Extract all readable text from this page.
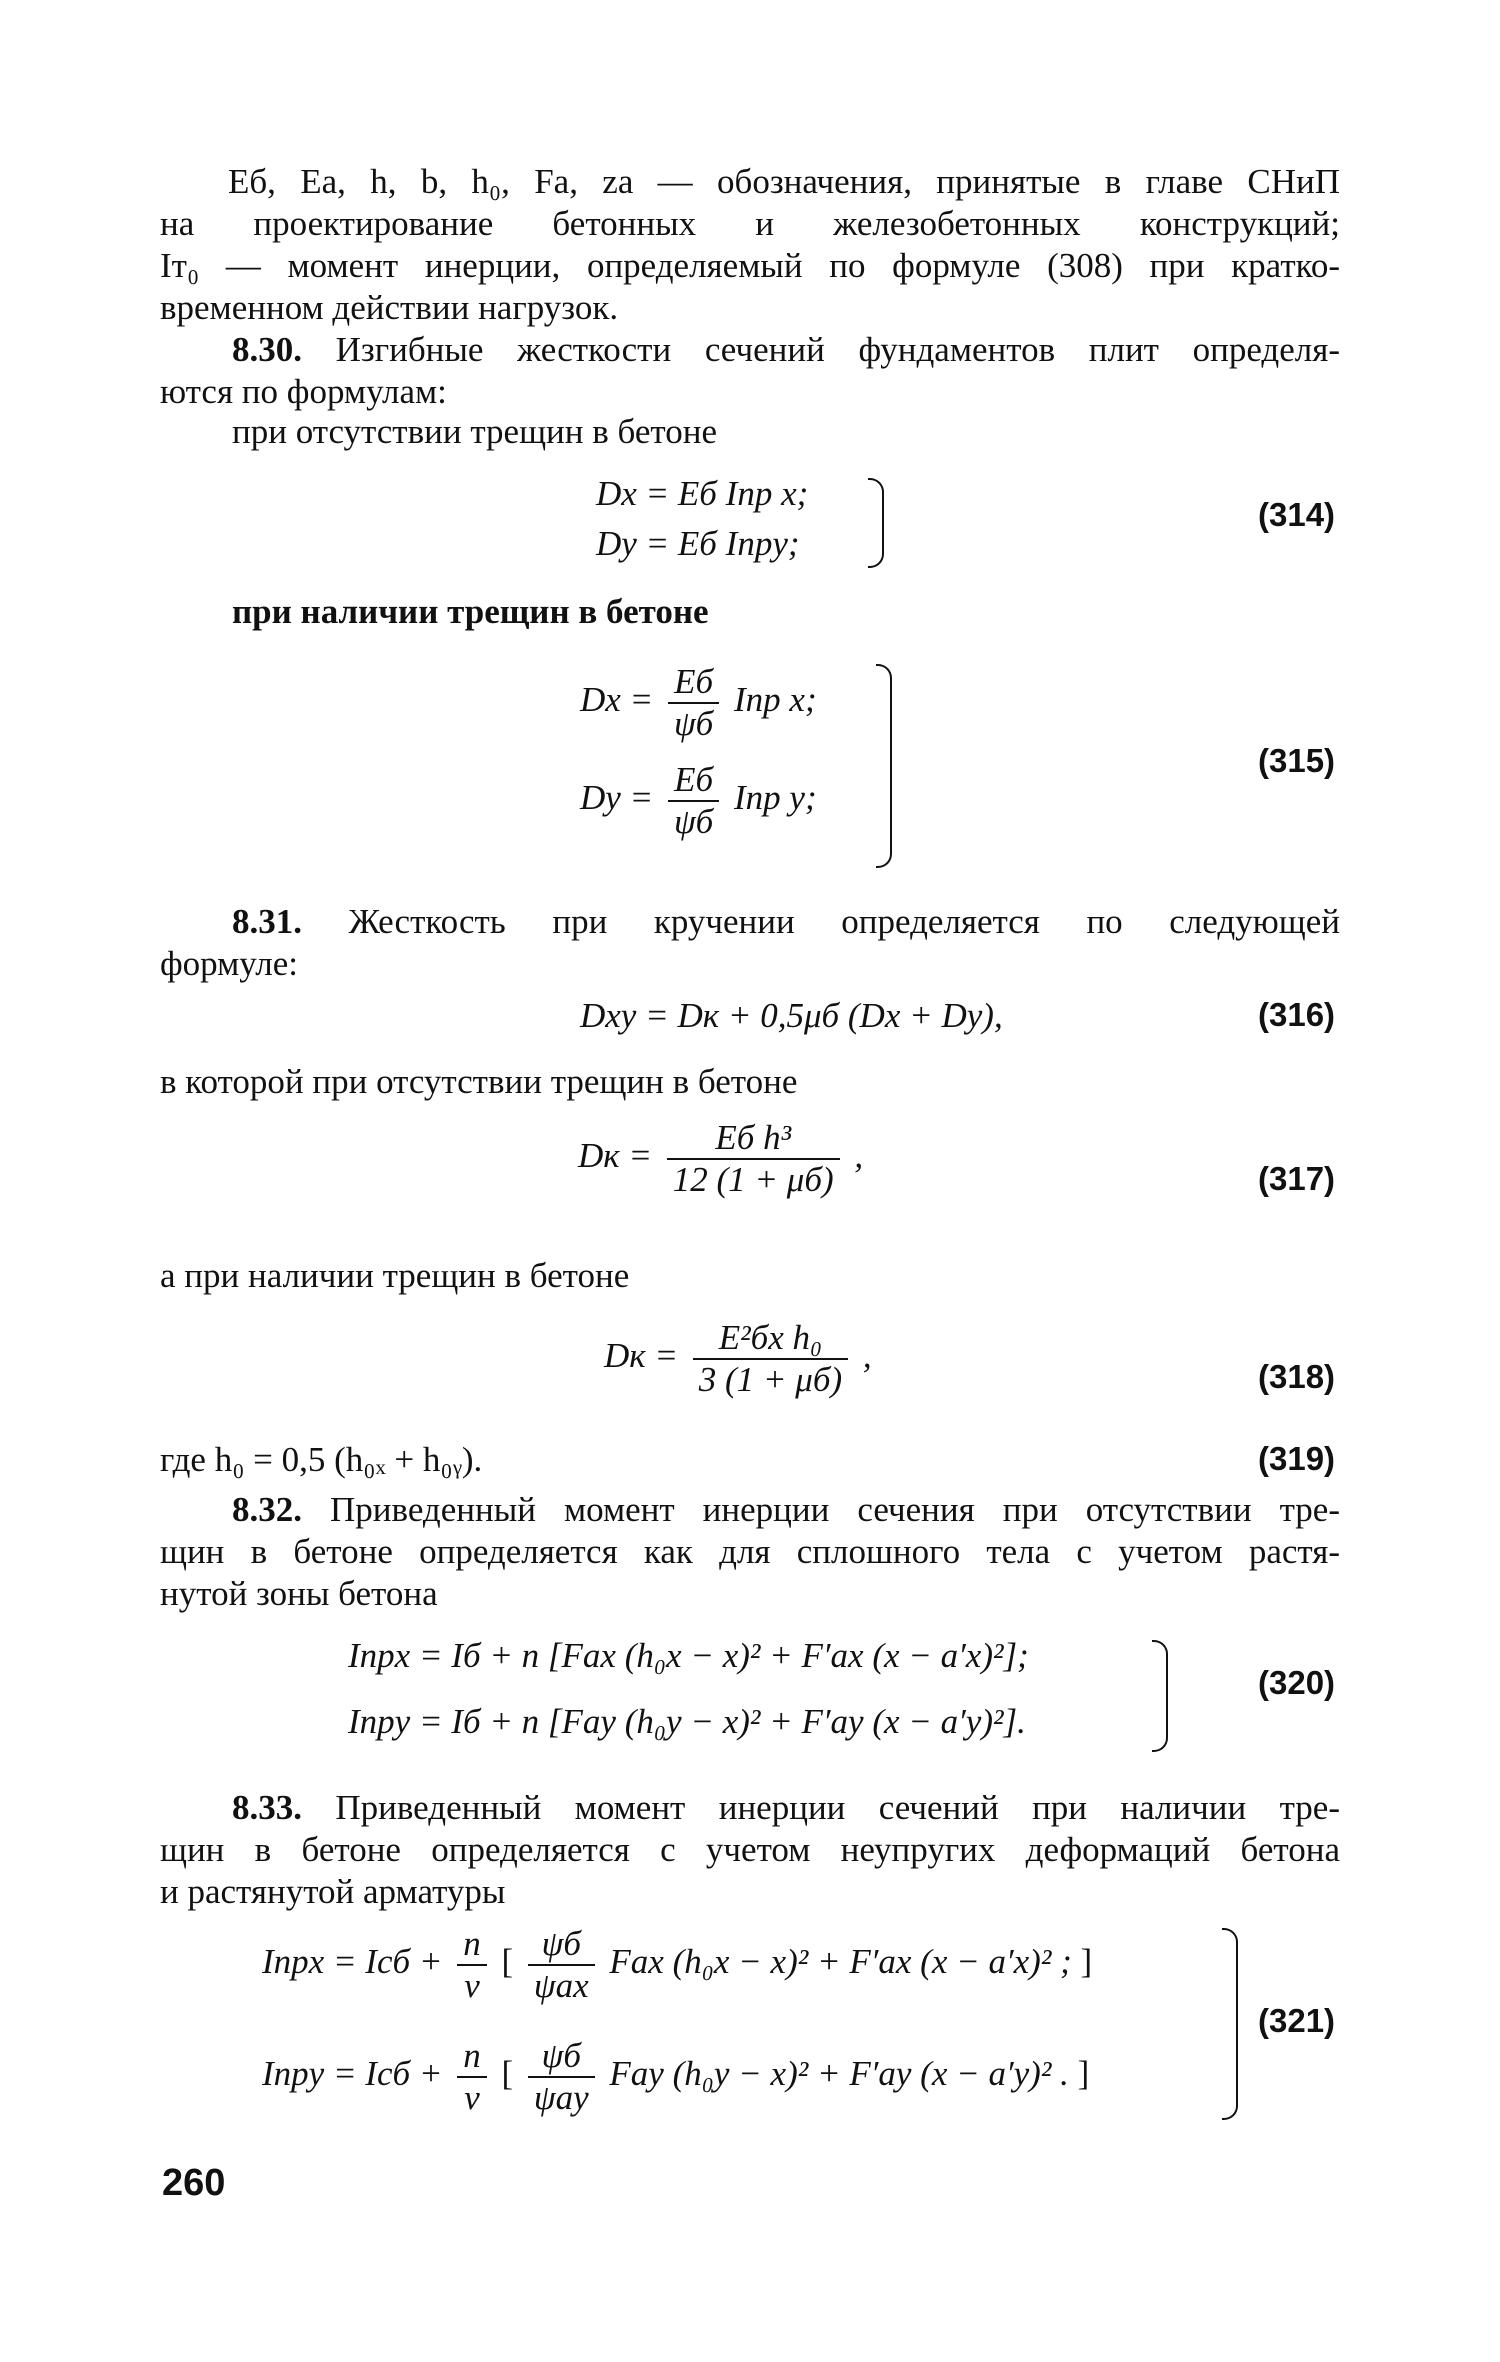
Eб, Eа, h, b, h₀, Fа, zа — обозначения, принятые в главе СНиП
на проектирование бетонных и железобетонных конструкций;
Iт₀ — момент инерции, определяемый по формуле (308) при кратко-
временном действии нагрузок.
8.30. Изгибные жесткости сечений фундаментов плит определя-
ются по формулам:
при отсутствии трещин в бетоне
Dx = Eб Iпр x;
Dy = Eб Iпрy;
(314)
при наличии трещин в бетоне
$Dx = \frac{Eб}{\psi б}$ Iпр x;
$Dy = \frac{Eб}{\psi б}$ Iпр y;
(315)
8.31. Жесткость при кручении определяется по следующей
формуле:
Dxy = Dк + 0,5μб (Dx + Dy),	(316)
в которой при отсутствии трещин в бетоне
Dк = $\frac{\text{Eб h³}}{12 (1 + \mu б)}$ ,
(317)
а при наличии трещин в бетоне
Dк = $\frac{\text{E²бx h₀}}{3 (1 + \mu б)}$ ,
(318)
где h₀ = 0,5 (h₀ₓ + h₀ᵧ).	(319)
8.32. Приведенный момент инерции сечения при отсутствии тре-
щин в бетоне определяется как для сплошного тела с учетом растя-
нутой зоны бетона
Iпрx = Iб + n [Fаx (h₀x − x)² + F′аx (x − a′x)²];
Iпрy = Iб + n [Fаy (h₀y − x)² + F′аy (x − a′y)²].
(320)
8.33. Приведенный момент инерции сечений при наличии тре-
щин в бетоне определяется с учетом неупругих деформаций бетона
и растянутой арматуры
Iпрx = Icб + $\frac{n}{\nu}$ [ $\frac{\psi б}{\text{ψаx}}$ Fаx (h₀x − x)² + F′аx (x − a′x)² ; ]
Iпрy = Icб + $\frac{n}{\nu}$ [ $\frac{\psi б}{\text{ψаy}}$ Fаy (h₀y − x)² + F′аy (x − a′y)² . ]
(321)
260
